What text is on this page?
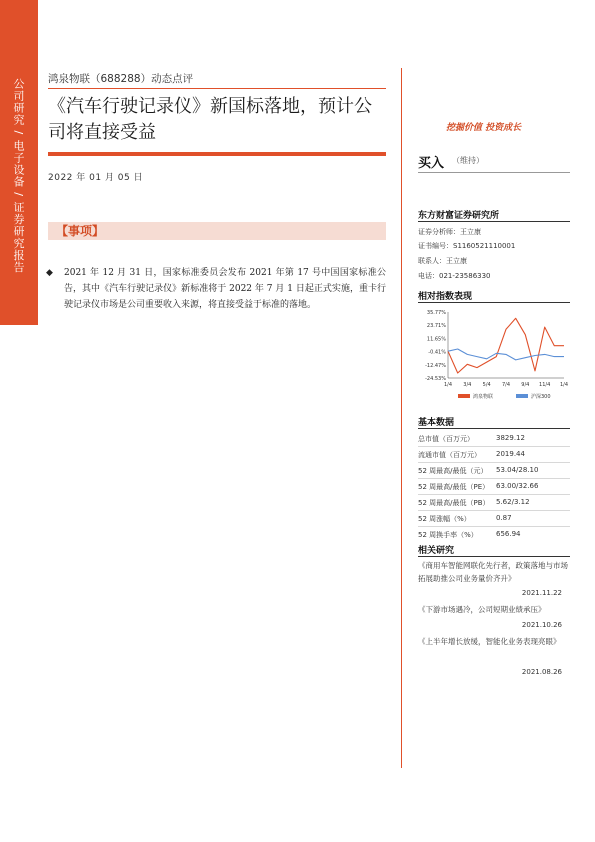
公司研究 / 电子设备 / 证券研究报告 鸿泉物联（688288）动态点评
《汽车行驶记录仪》新国标落地，预计公司将直接受益
2022 年 01 月 05 日
【事项】
◆ 2021 年 12 月 31 日，国家标准委员会发布 2021 年第 17 号中国国家标准公告，其中《汽车行驶记录仪》新标准将于 2022 年 7 月 1 日起正式实施，重卡行驶记录仪市场是公司重要收入来源，将直接受益于标准的落地。

挖掘价值 投资成长
买入 （维持）
东方财富证券研究所
证券分析师：王立康
证书编号：S1160521110001
联系人：王立康
电话：021-23586330
相对指数表现
35.77%
23.71%
11.65%
-0.41%
-12.47%
-24.53%
1/4 3/4 5/4 7/4 9/4 11/4 1/4
鸿泉物联	沪深300
基本数据
总市值（百万元）	3829.12
流通市值（百万元） 2019.44
52 周最高/最低（元） 53.04/28.10
52 周最高/最低（PE） 63.00/32.66
52 周最高/最低（PB） 5.62/3.12
52 周涨幅（%）	0.87
52 周换手率（%）	656.94
相关研究
《商用车智能网联化先行者，政策落地与市场拓展助推公司业务量价齐升》
2021.11.22
《下游市场遇冷，公司短期业绩承压》
2021.10.26
《上半年增长放缓，智能化业务表现亮眼》
2021.08.26
